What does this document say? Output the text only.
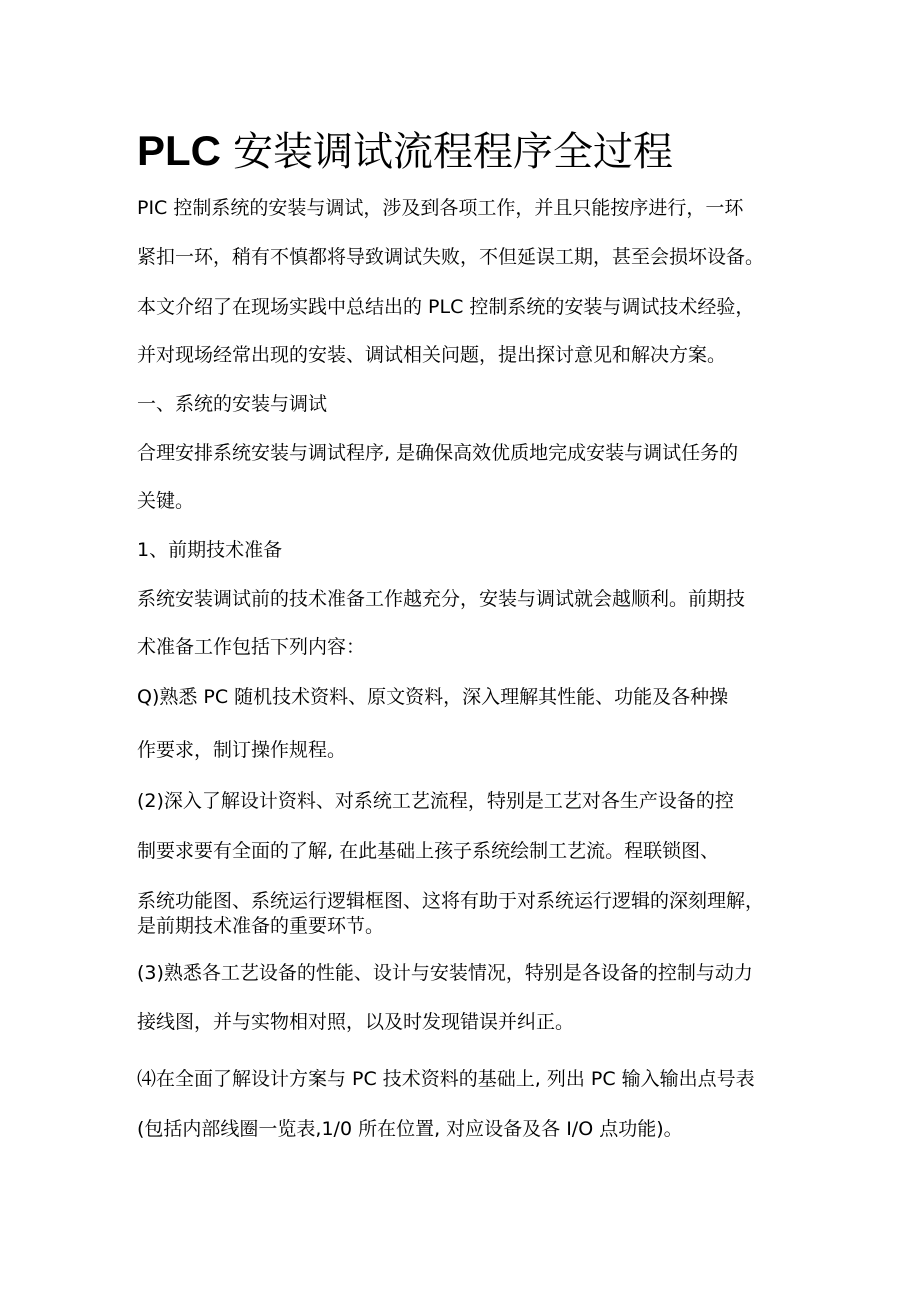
PLC 安装调试流程程序全过程
PIC 控制系统的安装与调试，涉及到各项工作，并且只能按序进行，一环
紧扣一环，稍有不慎都将导致调试失败，不但延误工期，甚至会损坏设备。
本文介绍了在现场实践中总结出的 PLC 控制系统的安装与调试技术经验，
并对现场经常出现的安装、调试相关问题，提出探讨意见和解决方案。
一、系统的安装与调试
合理安排系统安装与调试程序, 是确保高效优质地完成安装与调试任务的
关键。
1、前期技术准备
系统安装调试前的技术准备工作越充分，安装与调试就会越顺利。前期技
术准备工作包括下列内容：
Q)熟悉 PC 随机技术资料、原文资料，深入理解其性能、功能及各种操
作要求，制订操作规程。
(2)深入了解设计资料、对系统工艺流程，特别是工艺对各生产设备的控
制要求要有全面的了解, 在此基础上孩子系统绘制工艺流。程联锁图、
系统功能图、系统运行逻辑框图、这将有助于对系统运行逻辑的深刻理解，
是前期技术准备的重要环节。
(3)熟悉各工艺设备的性能、设计与安装情况，特别是各设备的控制与动力
接线图，并与实物相对照，以及时发现错误并纠正。
⑷在全面了解设计方案与 PC 技术资料的基础上, 列出 PC 输入输出点号表
(包括内部线圈一览表,1/0 所在位置, 对应设备及各 I/O 点功能)。
